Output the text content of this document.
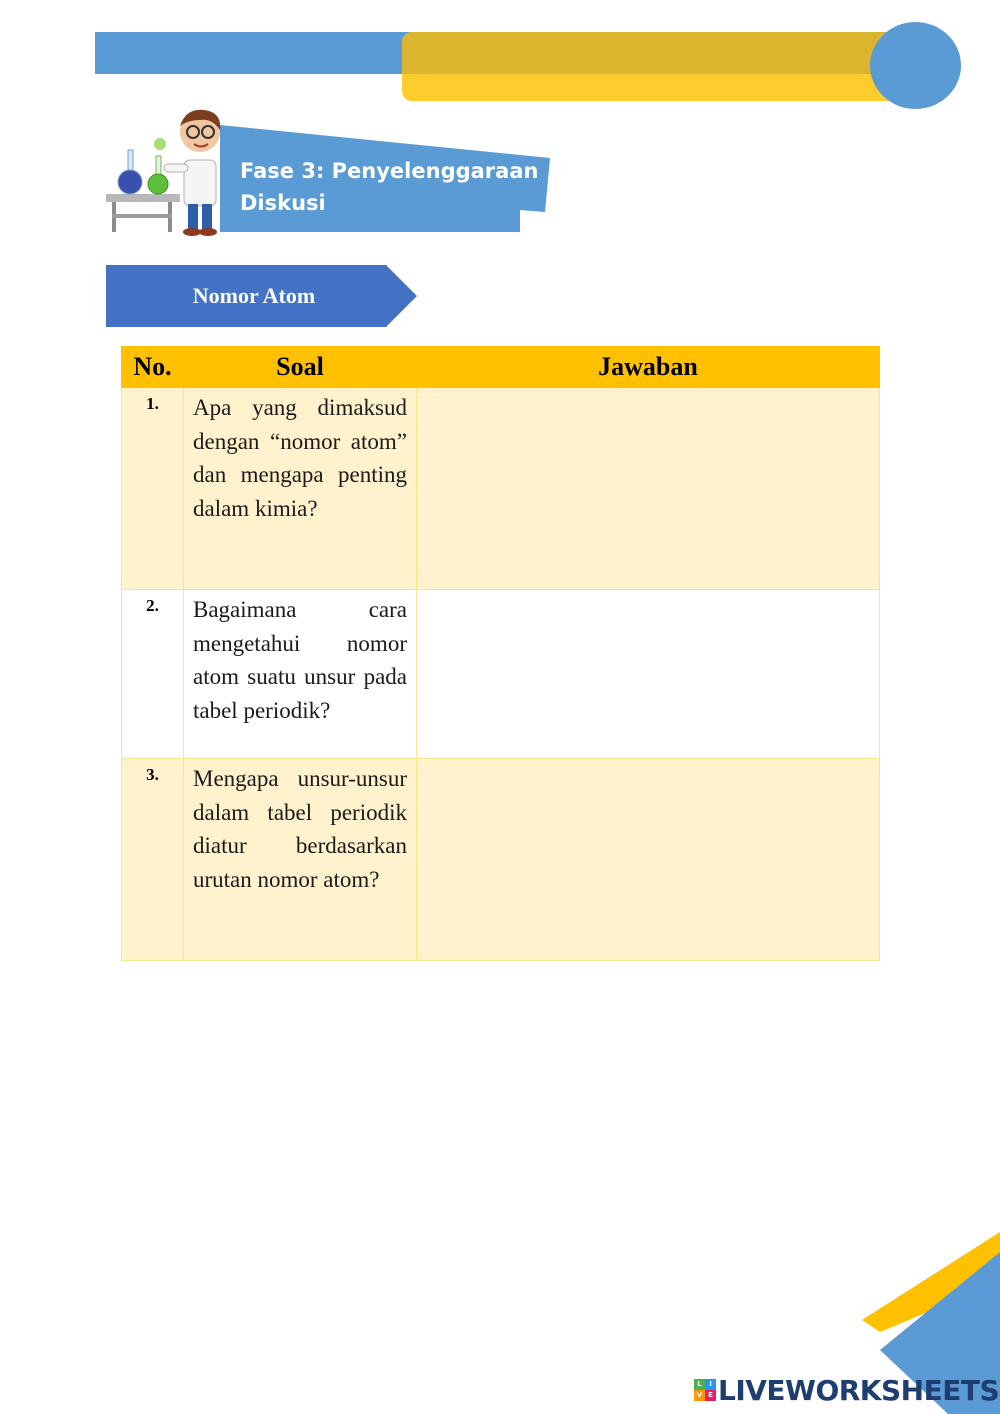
Fase 3: Penyelenggaraan
Diskusi
Nomor Atom
No.	Soal	Jawaban
1.	Apa yang dimaksud dengan “nomor atom” dan mengapa penting dalam kimia?	

2.	Bagaimana cara mengetahui nomor atom suatu unsur pada tabel periodik?	

3.	Mengapa unsur-unsur dalam tabel periodik diatur berdasarkan urutan nomor atom?	

L	I
V E LIVEWORKSHEETS
